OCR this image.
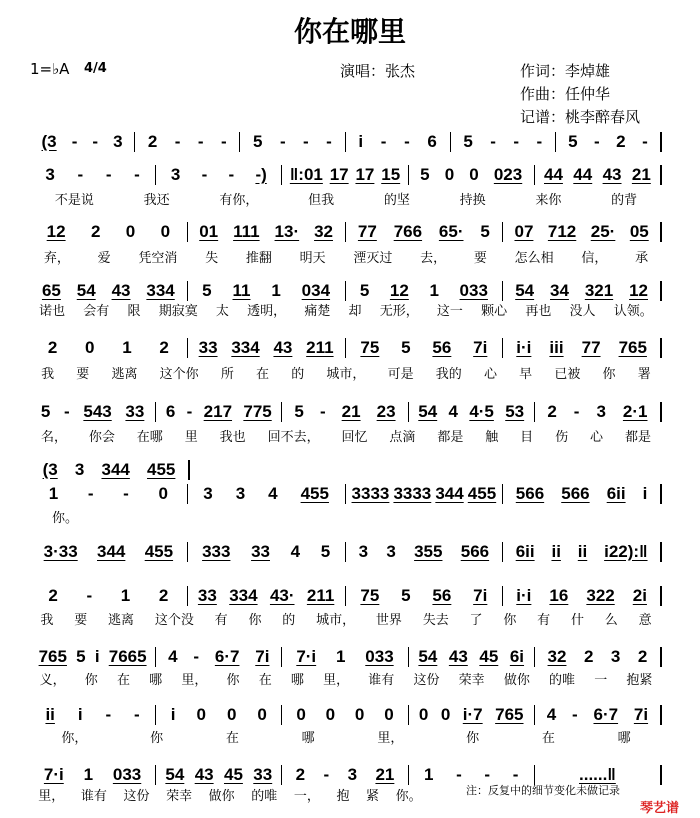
你在哪里
1=♭A 4/4	演唱：张杰	作词：李焯雄
作曲：任仲华
记谱：桃李醉春风
(3 - - 3 2 - - - 5 - - - i - - 6 5 - - - 5 - 2 -
3 - - - 3 - - -) ‖:01 17 17 15 5 0 0 023 44 44 43 21
不是说	我还	有你，	但我	的坚	持换	来你	的背
12 2 0 0 01 111 13· 32 77 766 65· 5 07 712 25· 05
弃， 爱 凭空消 失 推翻 明天 湮灭过 去， 要 怎么相 信， 承
65 54 43 334 5 11 1 034 5 12 1 033 54 34 321 12
诺也 会有 限 期寂寞 太 透明， 痛楚 却 无形， 这一 颗心 再也 没人 认领。
2 0 1 2 33 334 43 211 75 5 56 7i i·i iii 77 765
我 要 逃离 这个你 所 在 的 城市， 可是 我的 心 早 已被 你 署
5 - 543 33 6 - 217 775 5 - 21 23 54 4 4·5 53 2 - 3 2·1
名， 你会 在哪 里 我也 回不去， 回忆 点滴 都是 触 目 伤 心 都是
(3 3 344 455
1 - - 0 3 3 4 455 3333 3333 344 455 566 566 6ii i
你。
3·33 344 455 333 33 4 5 3 3 355 566 6ii ii ii i22):‖
2 - 1 2 33 334 43· 211 75 5 56 7i i·i 16 322 2i
我 要 逃离 这个没 有 你 的 城市， 世界 失去 了 你 有 什 么 意
765 5 i 7665 4 - 6·7 7i 7·i 1 033 54 43 45 6i 32 2 3 2
义， 你 在 哪 里， 你 在 哪 里， 谁有 这份 荣幸 做你 的唯 一 抱紧
ii i - - i 0 0 0 0 0 0 0 0 0 i·7 765 4 - 6·7 7i
你，	你	在	哪	里，	你	在	哪
7·i 1 033 54 43 45 33 2 - 3 21 1 - - -	......‖
里， 谁有 这份 荣幸 做你 的唯 一， 抱 紧 你。	注：反复中的细节变化未做记录
琴艺谱
